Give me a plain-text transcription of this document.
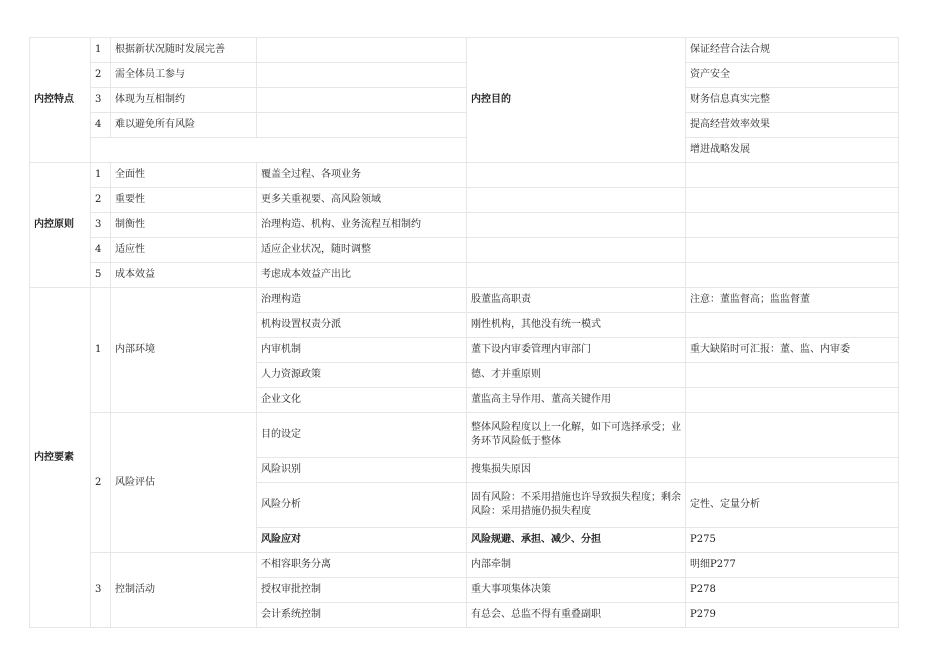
内控特点	1	根据新状况随时发展完善		内控目的	保证经营合法合规
	2	需全体员工参与			资产安全
	3	体现为互相制约			财务信息真实完整
	4	难以避免所有风险			提高经营效率效果
					增进战略发展
内控原则	1	全面性	覆盖全过程、各项业务		
	2	重要性	更多关重视要、高风险领域		
	3	制衡性	治理构造、机构、业务流程互相制约		
	4	适应性	适应企业状况，随时调整		
	5	成本效益	考虑成本效益产出比		
内控要素	1	内部环境	治理构造	股董监高职责	注意：董监督高；监监督董
			机构设置权责分派	刚性机构，其他没有统一模式	
			内审机制	董下设内审委管理内审部门	重大缺陷时可汇报：董、监、内审委
			人力资源政策	德、才并重原则	
			企业文化	董监高主导作用、董高关键作用	
	2	风险评估	目的设定	整体风险程度以上一化解，如下可选择承受；业务环节风险低于整体	
			风险识别	搜集损失原因	
			风险分析	固有风险：不采用措施也许导致损失程度；剩余风险：采用措施仍损失程度	定性、定量分析
			风险应对	风险规避、承担、减少、分担	P275
	3	控制活动	不相容职务分离	内部牵制	明细P277
			授权审批控制	重大事项集体决策	P278
			会计系统控制	有总会、总监不得有重叠副职	P279
